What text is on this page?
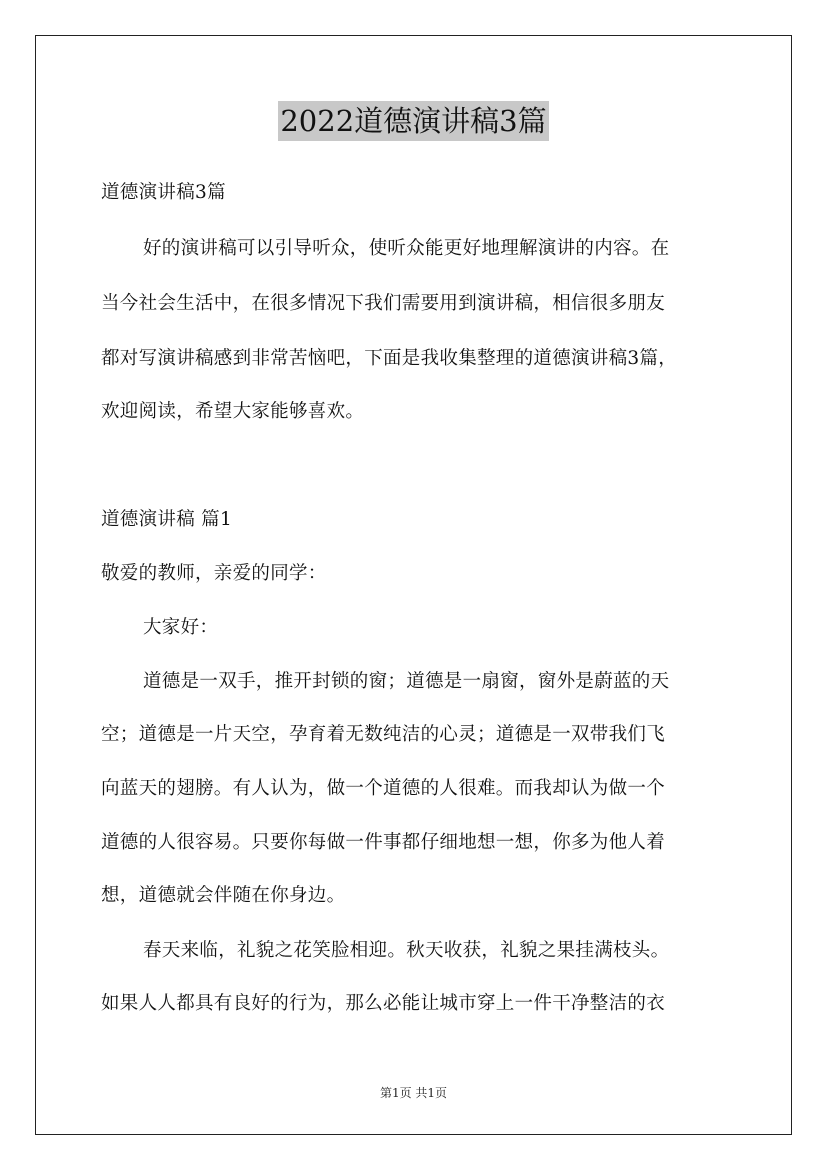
2022道德演讲稿3篇
道德演讲稿3篇
好的演讲稿可以引导听众，使听众能更好地理解演讲的内容。在
当今社会生活中，在很多情况下我们需要用到演讲稿，相信很多朋友
都对写演讲稿感到非常苦恼吧，下面是我收集整理的道德演讲稿3篇，
欢迎阅读，希望大家能够喜欢。
道德演讲稿 篇1
敬爱的教师，亲爱的同学：
大家好：
道德是一双手，推开封锁的窗；道德是一扇窗，窗外是蔚蓝的天
空；道德是一片天空，孕育着无数纯洁的心灵；道德是一双带我们飞
向蓝天的翅膀。有人认为，做一个道德的人很难。而我却认为做一个
道德的人很容易。只要你每做一件事都仔细地想一想，你多为他人着
想，道德就会伴随在你身边。
春天来临，礼貌之花笑脸相迎。秋天收获，礼貌之果挂满枝头。
如果人人都具有良好的行为，那么必能让城市穿上一件干净整洁的衣
第1页 共1页
